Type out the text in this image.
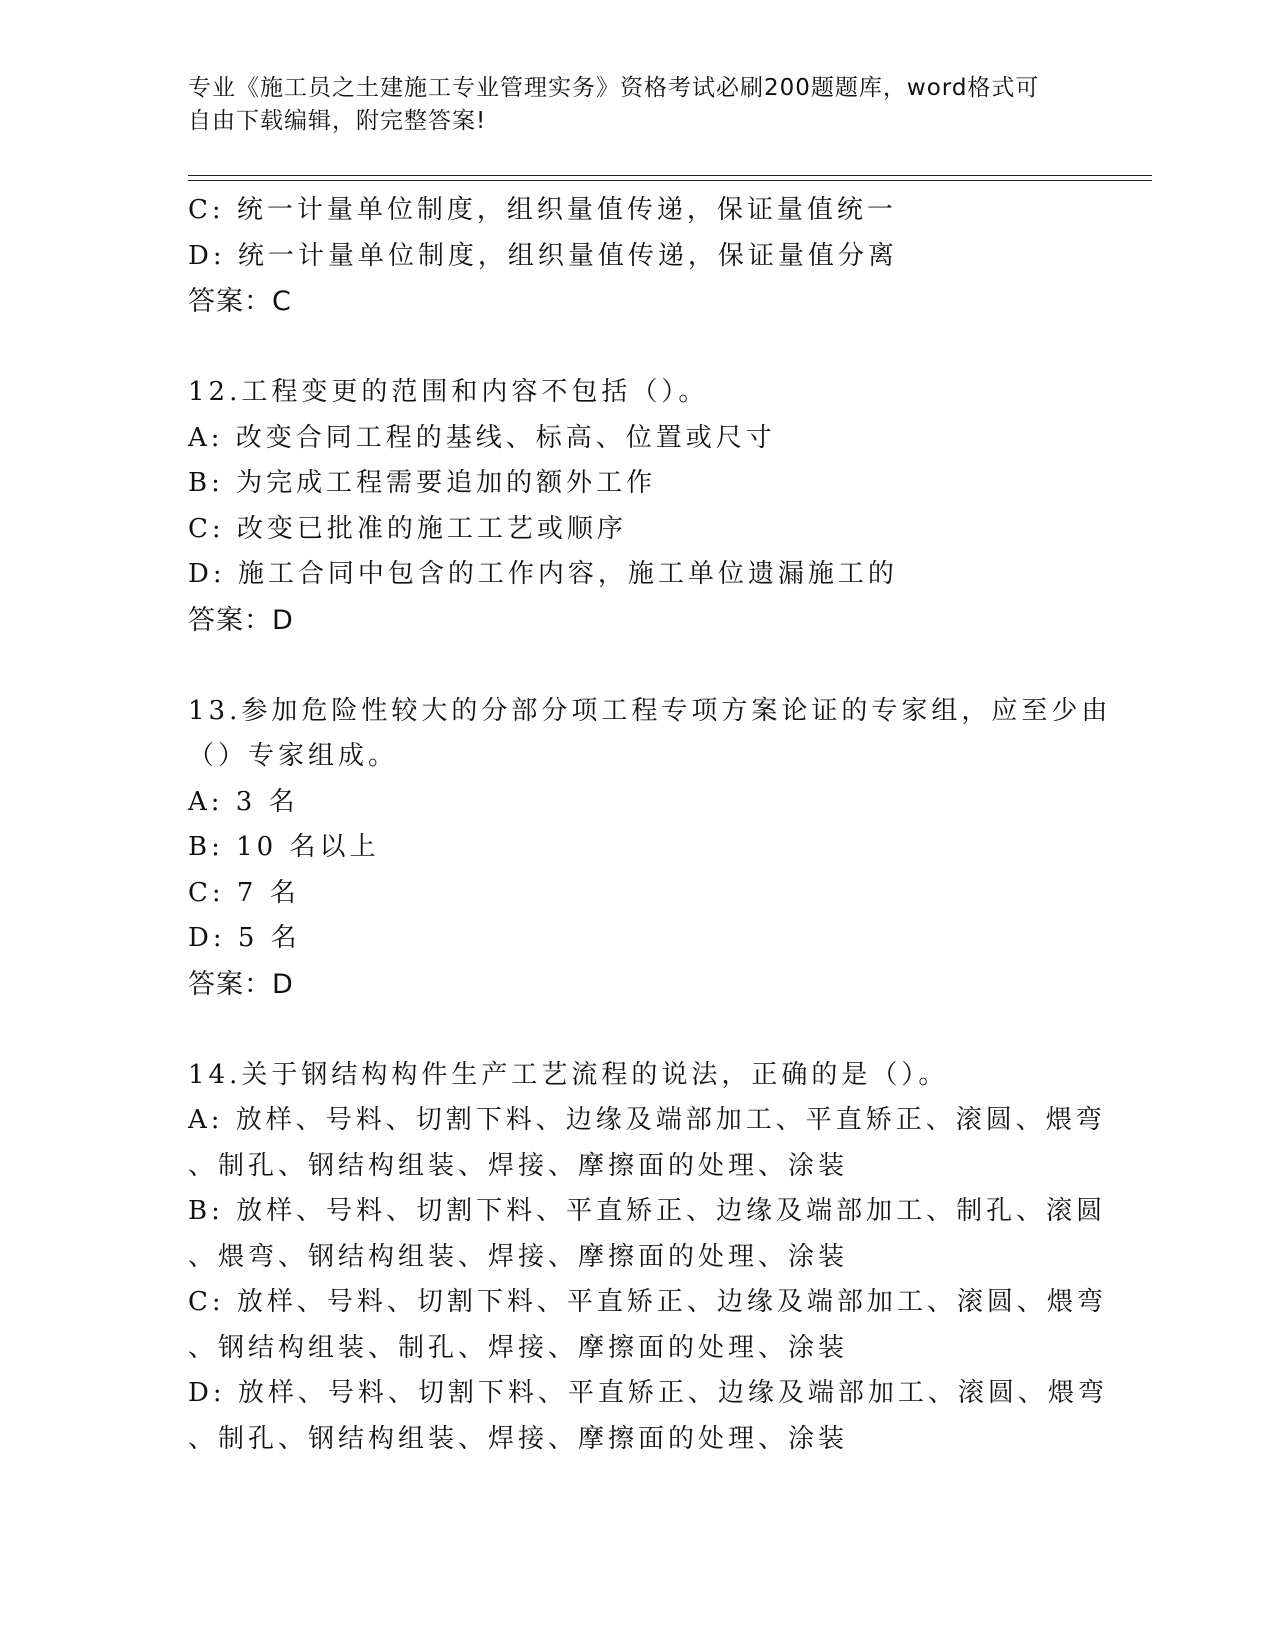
专业《施工员之土建施工专业管理实务》资格考试必刷200题题库，word格式可
自由下载编辑，附完整答案!
C: 统一计量单位制度，组织量值传递，保证量值统一
D: 统一计量单位制度，组织量值传递，保证量值分离
答案：C
12.工程变更的范围和内容不包括（）。
A: 改变合同工程的基线、标高、位置或尺寸
B: 为完成工程需要追加的额外工作
C: 改变已批准的施工工艺或顺序
D: 施工合同中包含的工作内容，施工单位遗漏施工的
答案：D
13.参加危险性较大的分部分项工程专项方案论证的专家组，应至少由
（）专家组成。
A: 3 名
B: 10 名以上
C: 7 名
D: 5 名
答案：D
14.关于钢结构构件生产工艺流程的说法，正确的是（）。
A: 放样、号料、切割下料、边缘及端部加工、平直矫正、滚圆、煨弯
、制孔、钢结构组装、焊接、摩擦面的处理、涂装
B: 放样、号料、切割下料、平直矫正、边缘及端部加工、制孔、滚圆
、煨弯、钢结构组装、焊接、摩擦面的处理、涂装
C: 放样、号料、切割下料、平直矫正、边缘及端部加工、滚圆、煨弯
、钢结构组装、制孔、焊接、摩擦面的处理、涂装
D: 放样、号料、切割下料、平直矫正、边缘及端部加工、滚圆、煨弯
、制孔、钢结构组装、焊接、摩擦面的处理、涂装
